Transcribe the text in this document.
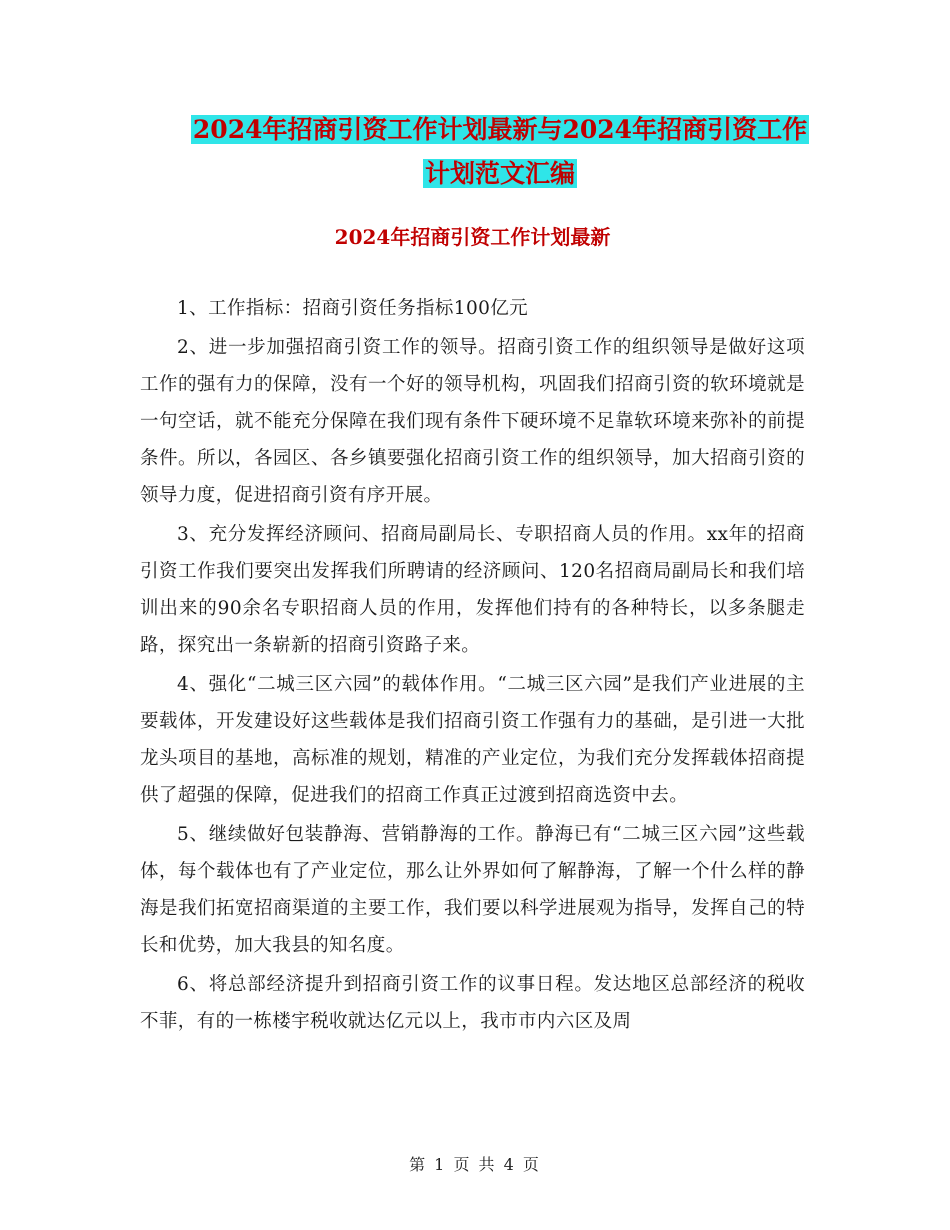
2024年招商引资工作计划最新与2024年招商引资工作
计划范文汇编
2024年招商引资工作计划最新

1、工作指标：招商引资任务指标100亿元

2、进一步加强招商引资工作的领导。招商引资工作的组织领导是做好这项工作的强有力的保障，没有一个好的领导机构，巩固我们招商引资的软环境就是一句空话，就不能充分保障在我们现有条件下硬环境不足靠软环境来弥补的前提条件。所以，各园区、各乡镇要强化招商引资工作的组织领导，加大招商引资的领导力度，促进招商引资有序开展。

3、充分发挥经济顾问、招商局副局长、专职招商人员的作用。xx年的招商引资工作我们要突出发挥我们所聘请的经济顾问、120名招商局副局长和我们培训出来的90余名专职招商人员的作用，发挥他们持有的各种特长，以多条腿走路，探究出一条崭新的招商引资路子来。

4、强化“二城三区六园”的载体作用。“二城三区六园”是我们产业进展的主要载体，开发建设好这些载体是我们招商引资工作强有力的基础，是引进一大批龙头项目的基地，高标准的规划，精准的产业定位，为我们充分发挥载体招商提供了超强的保障，促进我们的招商工作真正过渡到招商选资中去。

5、继续做好包装静海、营销静海的工作。静海已有“二城三区六园”这些载体，每个载体也有了产业定位，那么让外界如何了解静海，了解一个什么样的静海是我们拓宽招商渠道的主要工作，我们要以科学进展观为指导，发挥自己的特长和优势，加大我县的知名度。

6、将总部经济提升到招商引资工作的议事日程。发达地区总部经济的税收不菲，有的一栋楼宇税收就达亿元以上，我市市内六区及周

第 1 页 共 4 页
